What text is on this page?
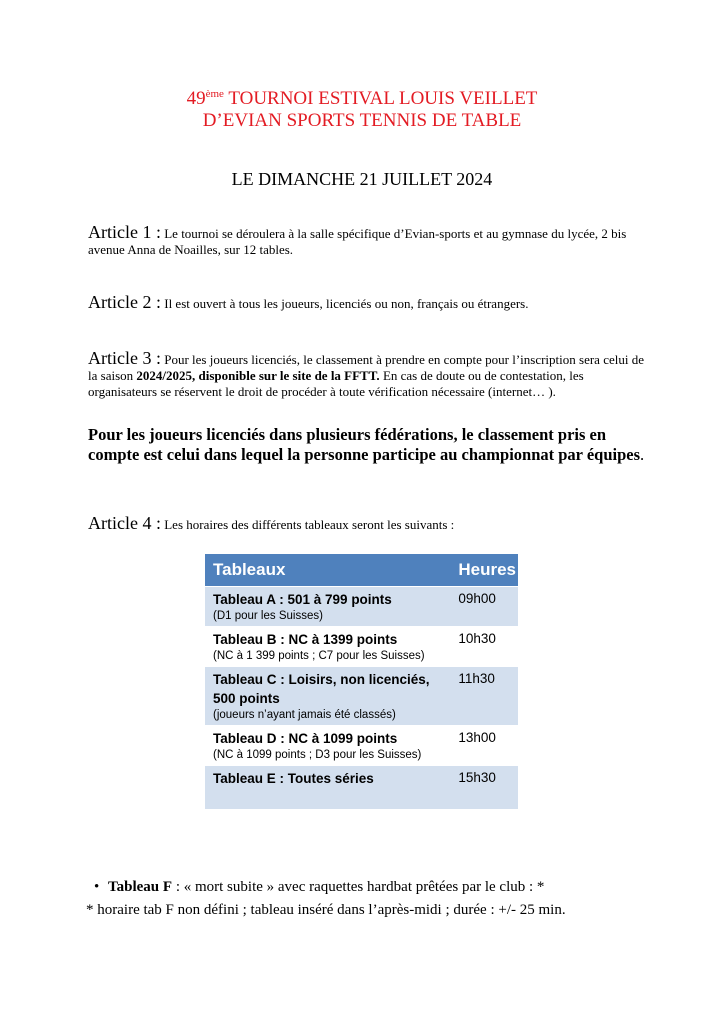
49ème TOURNOI ESTIVAL LOUIS VEILLET
D’EVIAN SPORTS TENNIS DE TABLE
LE DIMANCHE 21 JUILLET 2024
Article 1 : Le tournoi se déroulera à la salle spécifique d’Evian-sports et au gymnase du lycée, 2 bis avenue Anna de Noailles, sur 12 tables.
Article 2 : Il est ouvert à tous les joueurs, licenciés ou non, français ou étrangers.
Article 3 : Pour les joueurs licenciés, le classement à prendre en compte pour l’inscription sera celui de la saison 2024/2025, disponible sur le site de la FFTT. En cas de doute ou de contestation, les organisateurs se réservent le droit de procéder à toute vérification nécessaire (internet… ).
Pour les joueurs licenciés dans plusieurs fédérations, le classement pris en compte est celui dans lequel la personne participe au championnat par équipes.
Article 4 : Les horaires des différents tableaux seront les suivants :
Tableaux	Heures

Tableau A : 501 à 799 points
(D1 pour les Suisses)	09h00

Tableau B : NC à 1399 points
(NC à 1 399 points ; C7 pour les Suisses)	10h30

Tableau C : Loisirs, non licenciés, 500 points
(joueurs n’ayant jamais été classés)	11h30

Tableau D : NC à 1099 points
(NC à 1099 points ; D3 pour les Suisses)	13h00

Tableau E : Toutes séries	15h30
• Tableau F : « mort subite » avec raquettes hardbat prêtées par le club : *
* horaire tab F non défini ; tableau inséré dans l’après-midi ; durée : +/- 25 min.
